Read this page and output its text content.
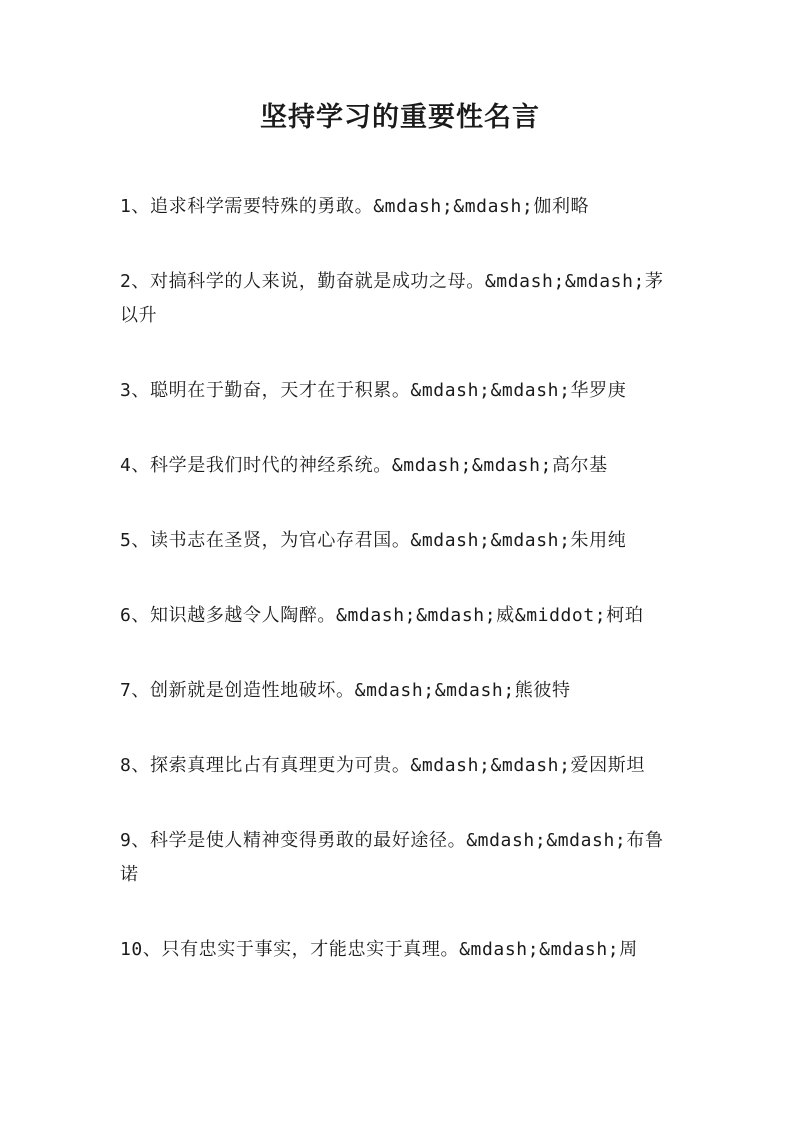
坚持学习的重要性名言
1、追求科学需要特殊的勇敢。&mdash;&mdash;伽利略
2、对搞科学的人来说，勤奋就是成功之母。&mdash;&mdash;茅以升
3、聪明在于勤奋，天才在于积累。&mdash;&mdash;华罗庚
4、科学是我们时代的神经系统。&mdash;&mdash;高尔基
5、读书志在圣贤，为官心存君国。&mdash;&mdash;朱用纯
6、知识越多越令人陶醉。&mdash;&mdash;威&middot;柯珀
7、创新就是创造性地破坏。&mdash;&mdash;熊彼特
8、探索真理比占有真理更为可贵。&mdash;&mdash;爱因斯坦
9、科学是使人精神变得勇敢的最好途径。&mdash;&mdash;布鲁诺
10、只有忠实于事实，才能忠实于真理。&mdash;&mdash;周
